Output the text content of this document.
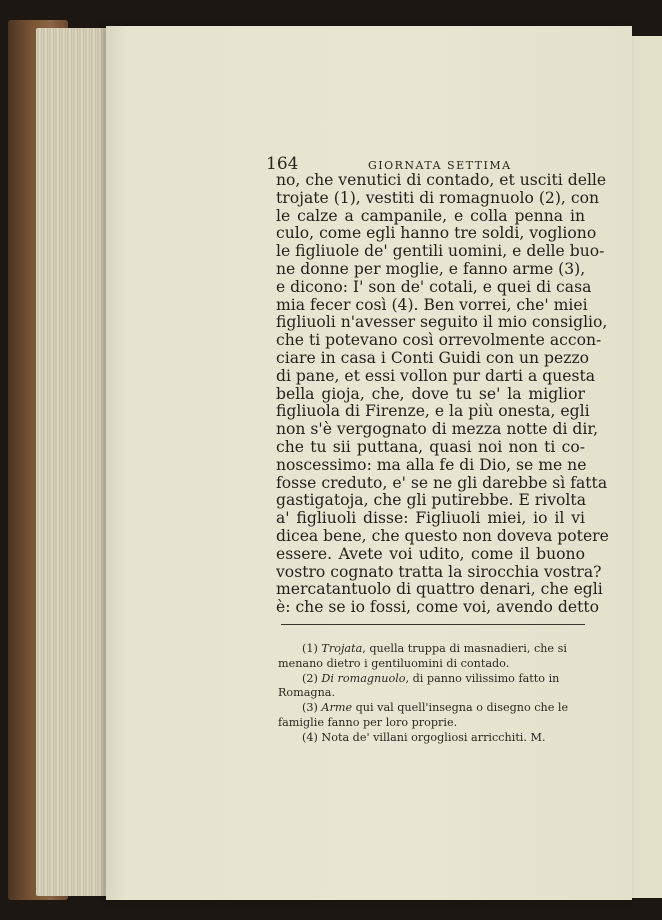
164	GIORNATA SETTIMA
no, che venutici di contado, et usciti delle
trojate (1), vestiti di romagnuolo (2), con
le calze a campanile, e colla penna in
culo, come egli hanno tre soldi, vogliono
le figliuole de' gentili uomini, e delle buo-
ne donne per moglie, e fanno arme (3),
e dicono: I' son de' cotali, e quei di casa
mia fecer così (4). Ben vorrei, che' miei
figliuoli n'avesser seguito il mio consiglio,
che ti potevano così orrevolmente accon-
ciare in casa i Conti Guidi con un pezzo
di pane, et essi vollon pur darti a questa
bella gioja, che, dove tu se' la miglior
figliuola di Firenze, e la più onesta, egli
non s'è vergognato di mezza notte di dir,
che tu sii puttana, quasi noi non ti co-
noscessimo: ma alla fe di Dio, se me ne
fosse creduto, e' se ne gli darebbe sì fatta
gastigatoja, che gli putirebbe. E rivolta
a' figliuoli disse: Figliuoli miei, io il vi
dicea bene, che questo non doveva potere
essere. Avete voi udito, come il buono
vostro cognato tratta la sirocchia vostra?
mercatantuolo di quattro denari, che egli
è: che se io fossi, come voi, avendo detto
(1) Trojata, quella truppa di masnadieri, che si
menano dietro i gentiluomini di contado.
(2) Di romagnuolo, di panno vilissimo fatto in
Romagna.
(3) Arme qui val quell'insegna o disegno che le
famiglie fanno per loro proprie.
(4) Nota de' villani orgogliosi arricchiti. M.
